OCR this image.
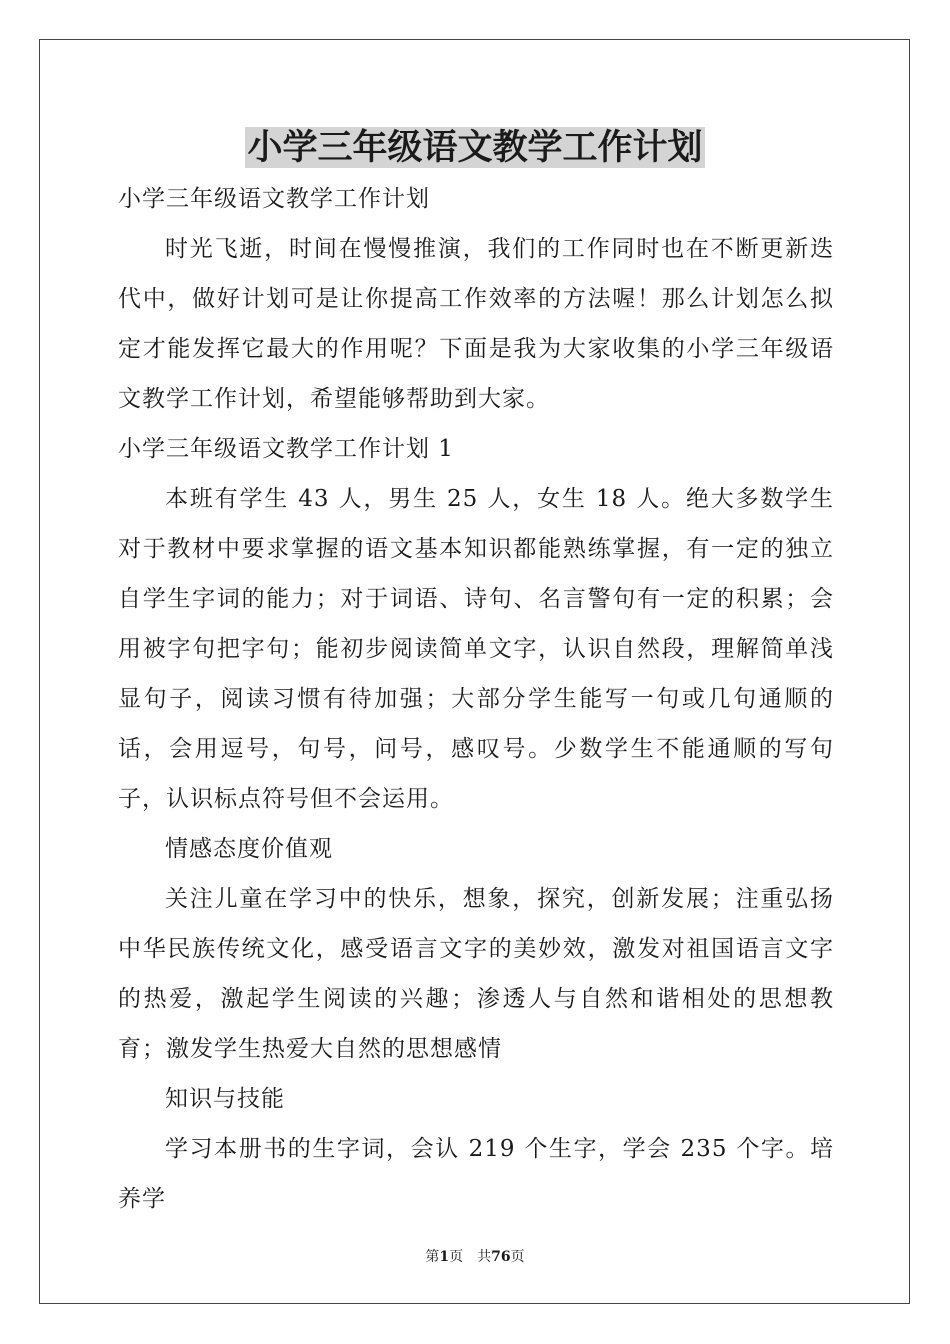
小学三年级语文教学工作计划

小学三年级语文教学工作计划

时光飞逝，时间在慢慢推演，我们的工作同时也在不断更新迭代中，做好计划可是让你提高工作效率的方法喔！那么计划怎么拟定才能发挥它最大的作用呢？下面是我为大家收集的小学三年级语文教学工作计划，希望能够帮助到大家。

小学三年级语文教学工作计划 1

本班有学生 43 人，男生 25 人，女生 18 人。绝大多数学生对于教材中要求掌握的语文基本知识都能熟练掌握，有一定的独立自学生字词的能力；对于词语、诗句、名言警句有一定的积累；会用被字句把字句；能初步阅读简单文字，认识自然段，理解简单浅显句子，阅读习惯有待加强；大部分学生能写一句或几句通顺的话，会用逗号，句号，问号，感叹号。少数学生不能通顺的写句子，认识标点符号但不会运用。

情感态度价值观

关注儿童在学习中的快乐，想象，探究，创新发展；注重弘扬中华民族传统文化，感受语言文字的美妙效，激发对祖国语言文字的热爱，激起学生阅读的兴趣；渗透人与自然和谐相处的思想教育；激发学生热爱大自然的思想感情

知识与技能

学习本册书的生字词，会认 219 个生字，学会 235 个字。培养学

第1页 共76页
